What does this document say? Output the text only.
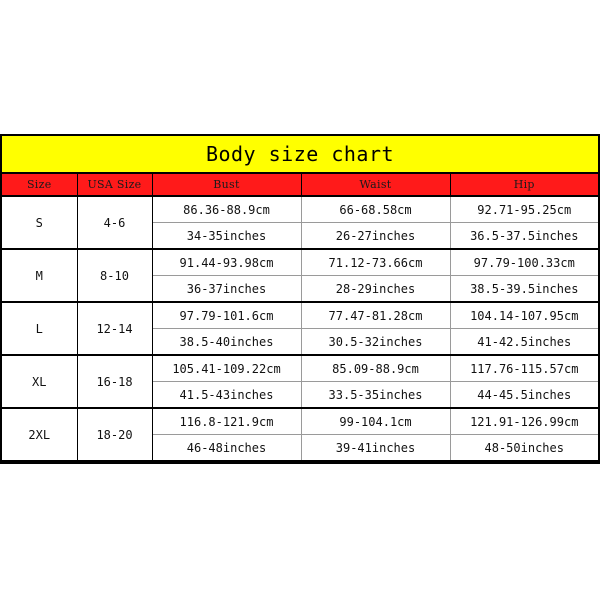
Body size chart
Size	USA Size	Bust	Waist	Hip
S	4-6	86.36-88.9cm	66-68.58cm	92.71-95.25cm
		34-35inches	26-27inches	36.5-37.5inches
M	8-10	91.44-93.98cm	71.12-73.66cm	97.79-100.33cm
		36-37inches	28-29inches	38.5-39.5inches
L	12-14	97.79-101.6cm	77.47-81.28cm	104.14-107.95cm
		38.5-40inches	30.5-32inches	41-42.5inches
XL	16-18	105.41-109.22cm	85.09-88.9cm	117.76-115.57cm
		41.5-43inches	33.5-35inches	44-45.5inches
2XL	18-20	116.8-121.9cm	99-104.1cm	121.91-126.99cm
		46-48inches	39-41inches	48-50inches
